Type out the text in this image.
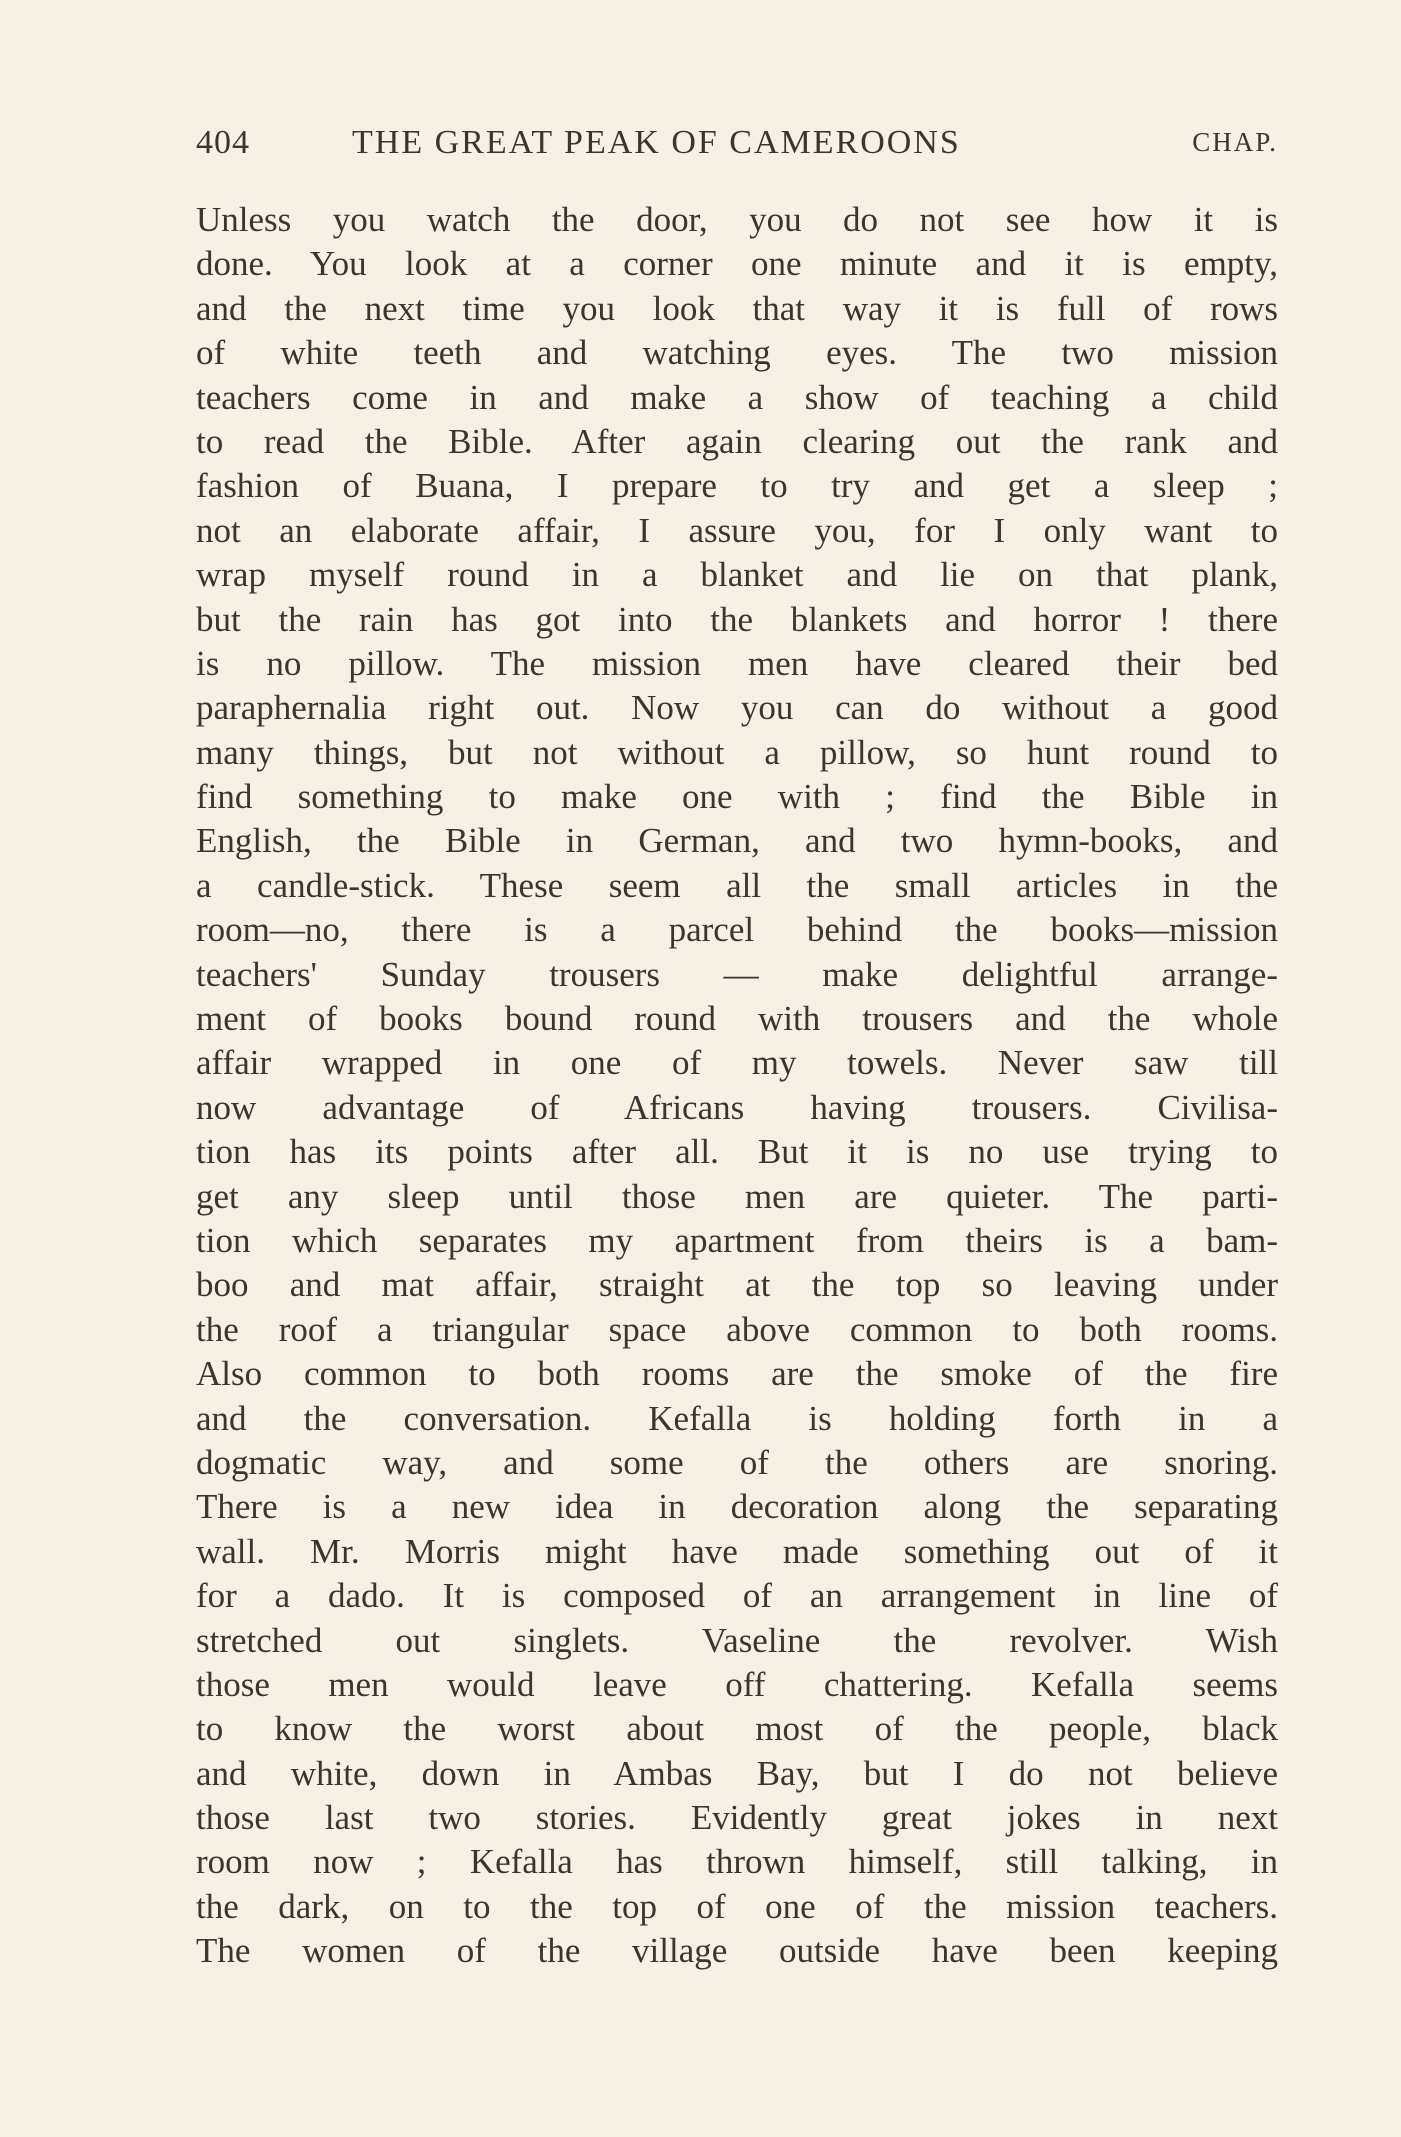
404	THE GREAT PEAK OF CAMEROONS	CHAP.
Unless you watch the door, you do not see how it is
done. You look at a corner one minute and it is empty,
and the next time you look that way it is full of rows
of white teeth and watching eyes. The two mission
teachers come in and make a show of teaching a child
to read the Bible. After again clearing out the rank and
fashion of Buana, I prepare to try and get a sleep ;
not an elaborate affair, I assure you, for I only want to
wrap myself round in a blanket and lie on that plank,
but the rain has got into the blankets and horror ! there
is no pillow. The mission men have cleared their bed
paraphernalia right out. Now you can do without a good
many things, but not without a pillow, so hunt round to
find something to make one with ; find the Bible in
English, the Bible in German, and two hymn-books, and
a candle-stick. These seem all the small articles in the
room—no, there is a parcel behind the books—mission
teachers' Sunday trousers — make delightful arrange-
ment of books bound round with trousers and the whole
affair wrapped in one of my towels. Never saw till
now advantage of Africans having trousers. Civilisa-
tion has its points after all. But it is no use trying to
get any sleep until those men are quieter. The parti-
tion which separates my apartment from theirs is a bam-
boo and mat affair, straight at the top so leaving under
the roof a triangular space above common to both rooms.
Also common to both rooms are the smoke of the fire
and the conversation. Kefalla is holding forth in a
dogmatic way, and some of the others are snoring.
There is a new idea in decoration along the separating
wall. Mr. Morris might have made something out of it
for a dado. It is composed of an arrangement in line of
stretched out singlets. Vaseline the revolver. Wish
those men would leave off chattering. Kefalla seems
to know the worst about most of the people, black
and white, down in Ambas Bay, but I do not believe
those last two stories. Evidently great jokes in next
room now ; Kefalla has thrown himself, still talking, in
the dark, on to the top of one of the mission teachers.
The women of the village outside have been keeping
